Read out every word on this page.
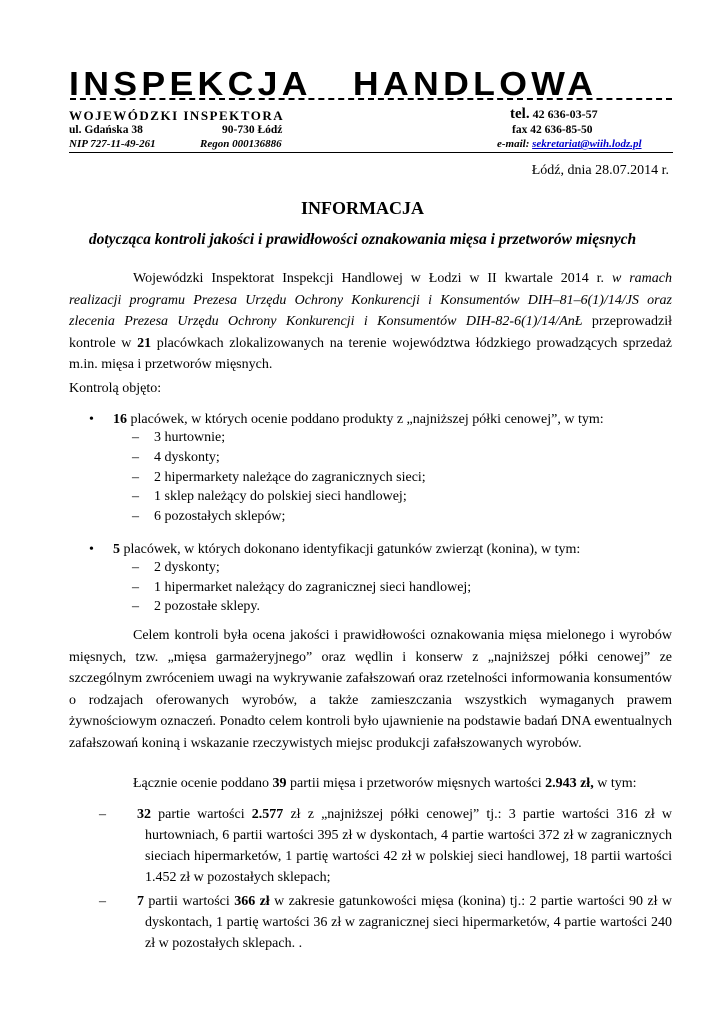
INSPEKCJA HANDLOWA
WOJEWÓDZKI INSPEKTORA	tel. 42 636-03-57
ul. Gdańska 38	90-730 Łódź	fax 42 636-85-50
NIP 727-11-49-261	Regon 000136886	e-mail: sekretariat@wiih.lodz.pl
Łódź, dnia 28.07.2014 r.
INFORMACJA
dotycząca kontroli jakości i prawidłowości oznakowania mięsa i przetworów mięsnych
Wojewódzki Inspektorat Inspekcji Handlowej w Łodzi w II kwartale 2014 r. w ramach realizacji programu Prezesa Urzędu Ochrony Konkurencji i Konsumentów DIH–81–6(1)/14/JS oraz zlecenia Prezesa Urzędu Ochrony Konkurencji i Konsumentów DIH-82-6(1)/14/AnŁ przeprowadził kontrole w 21 placówkach zlokalizowanych na terenie województwa łódzkiego prowadzących sprzedaż m.in. mięsa i przetworów mięsnych.
Kontrolą objęto:
• 16 placówek, w których ocenie poddano produkty z „najniższej półki cenowej”, w tym:
– 3 hurtownie;
– 4 dyskonty;
– 2 hipermarkety należące do zagranicznych sieci;
– 1 sklep należący do polskiej sieci handlowej;
– 6 pozostałych sklepów;
• 5 placówek, w których dokonano identyfikacji gatunków zwierząt (konina), w tym:
– 2 dyskonty;
– 1 hipermarket należący do zagranicznej sieci handlowej;
– 2 pozostałe sklepy.
Celem kontroli była ocena jakości i prawidłowości oznakowania mięsa mielonego i wyrobów mięsnych, tzw. „mięsa garmażeryjnego” oraz wędlin i konserw z „najniższej półki cenowej” ze szczególnym zwróceniem uwagi na wykrywanie zafałszowań oraz rzetelności informowania konsumentów o rodzajach oferowanych wyrobów, a także zamieszczania wszystkich wymaganych prawem żywnościowym oznaczeń. Ponadto celem kontroli było ujawnienie na podstawie badań DNA ewentualnych zafałszowań koniną i wskazanie rzeczywistych miejsc produkcji zafałszowanych wyrobów.
Łącznie ocenie poddano 39 partii mięsa i przetworów mięsnych wartości 2.943 zł, w tym:
– 32 partie wartości 2.577 zł z „najniższej półki cenowej” tj.: 3 partie wartości 316 zł w hurtowniach, 6 partii wartości 395 zł w dyskontach, 4 partie wartości 372 zł w zagranicznych sieciach hipermarketów, 1 partię wartości 42 zł w polskiej sieci handlowej, 18 partii wartości 1.452 zł w pozostałych sklepach;
– 7 partii wartości 366 zł w zakresie gatunkowości mięsa (konina) tj.: 2 partie wartości 90 zł w dyskontach, 1 partię wartości 36 zł w zagranicznej sieci hipermarketów, 4 partie wartości 240 zł w pozostałych sklepach. .
